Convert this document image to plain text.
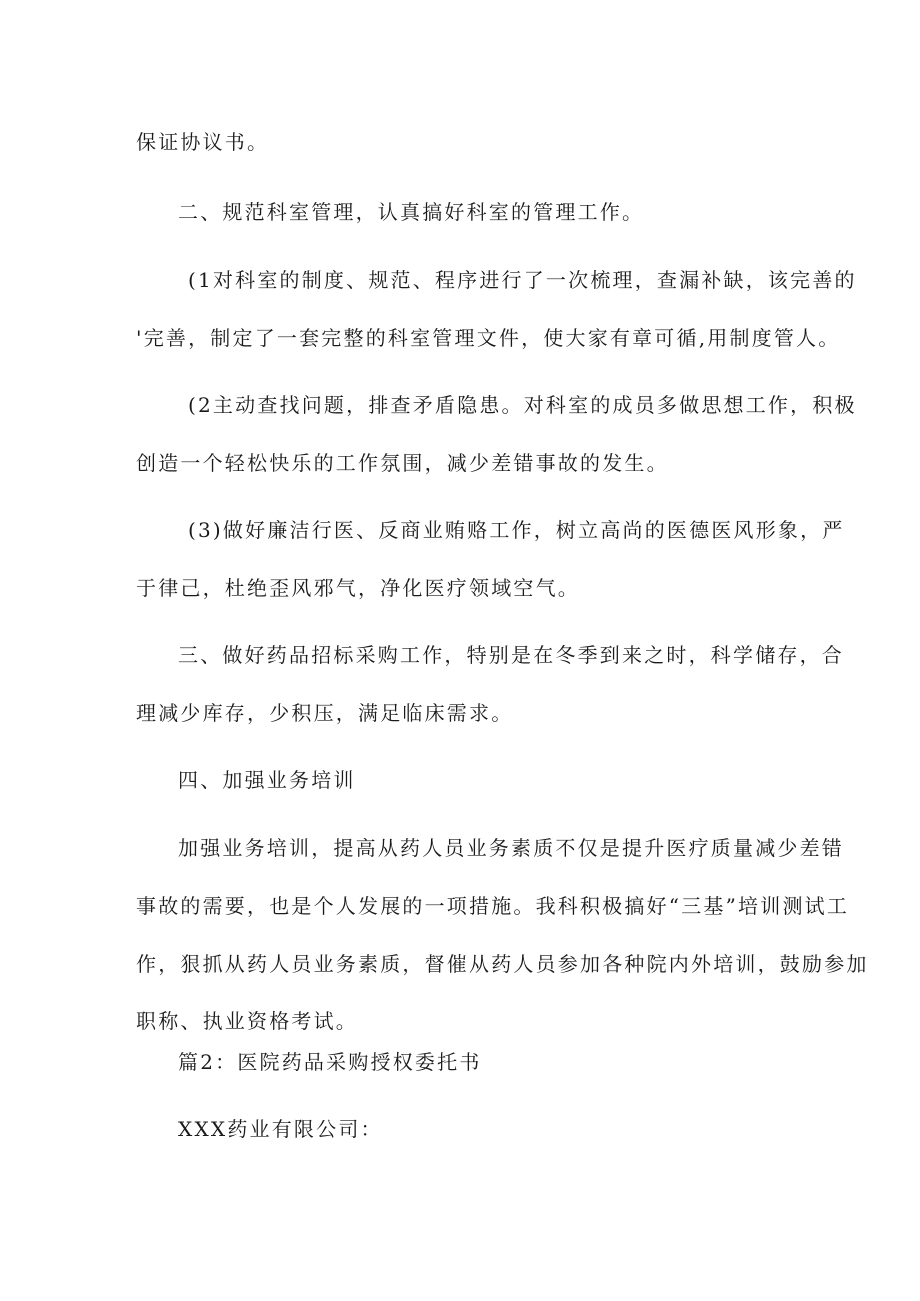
保证协议书。
二、规范科室管理，认真搞好科室的管理工作。
(1对科室的制度、规范、程序进行了一次梳理，查漏补缺，该完善的
'完善，制定了一套完整的科室管理文件，使大家有章可循,用制度管人。
(2主动查找问题，排查矛盾隐患。对科室的成员多做思想工作，积极
创造一个轻松快乐的工作氛围，减少差错事故的发生。
(3)做好廉洁行医、反商业贿赂工作，树立高尚的医德医风形象，严
于律己，杜绝歪风邪气，净化医疗领域空气。
三、做好药品招标采购工作，特别是在冬季到来之时，科学储存，合
理减少库存，少积压，满足临床需求。
四、加强业务培训
加强业务培训，提高从药人员业务素质不仅是提升医疗质量减少差错
事故的需要，也是个人发展的一项措施。我科积极搞好“三基”培训测试工
作，狠抓从药人员业务素质，督催从药人员参加各种院内外培训，鼓励参加
职称、执业资格考试。
篇2：医院药品采购授权委托书
XXX药业有限公司：
